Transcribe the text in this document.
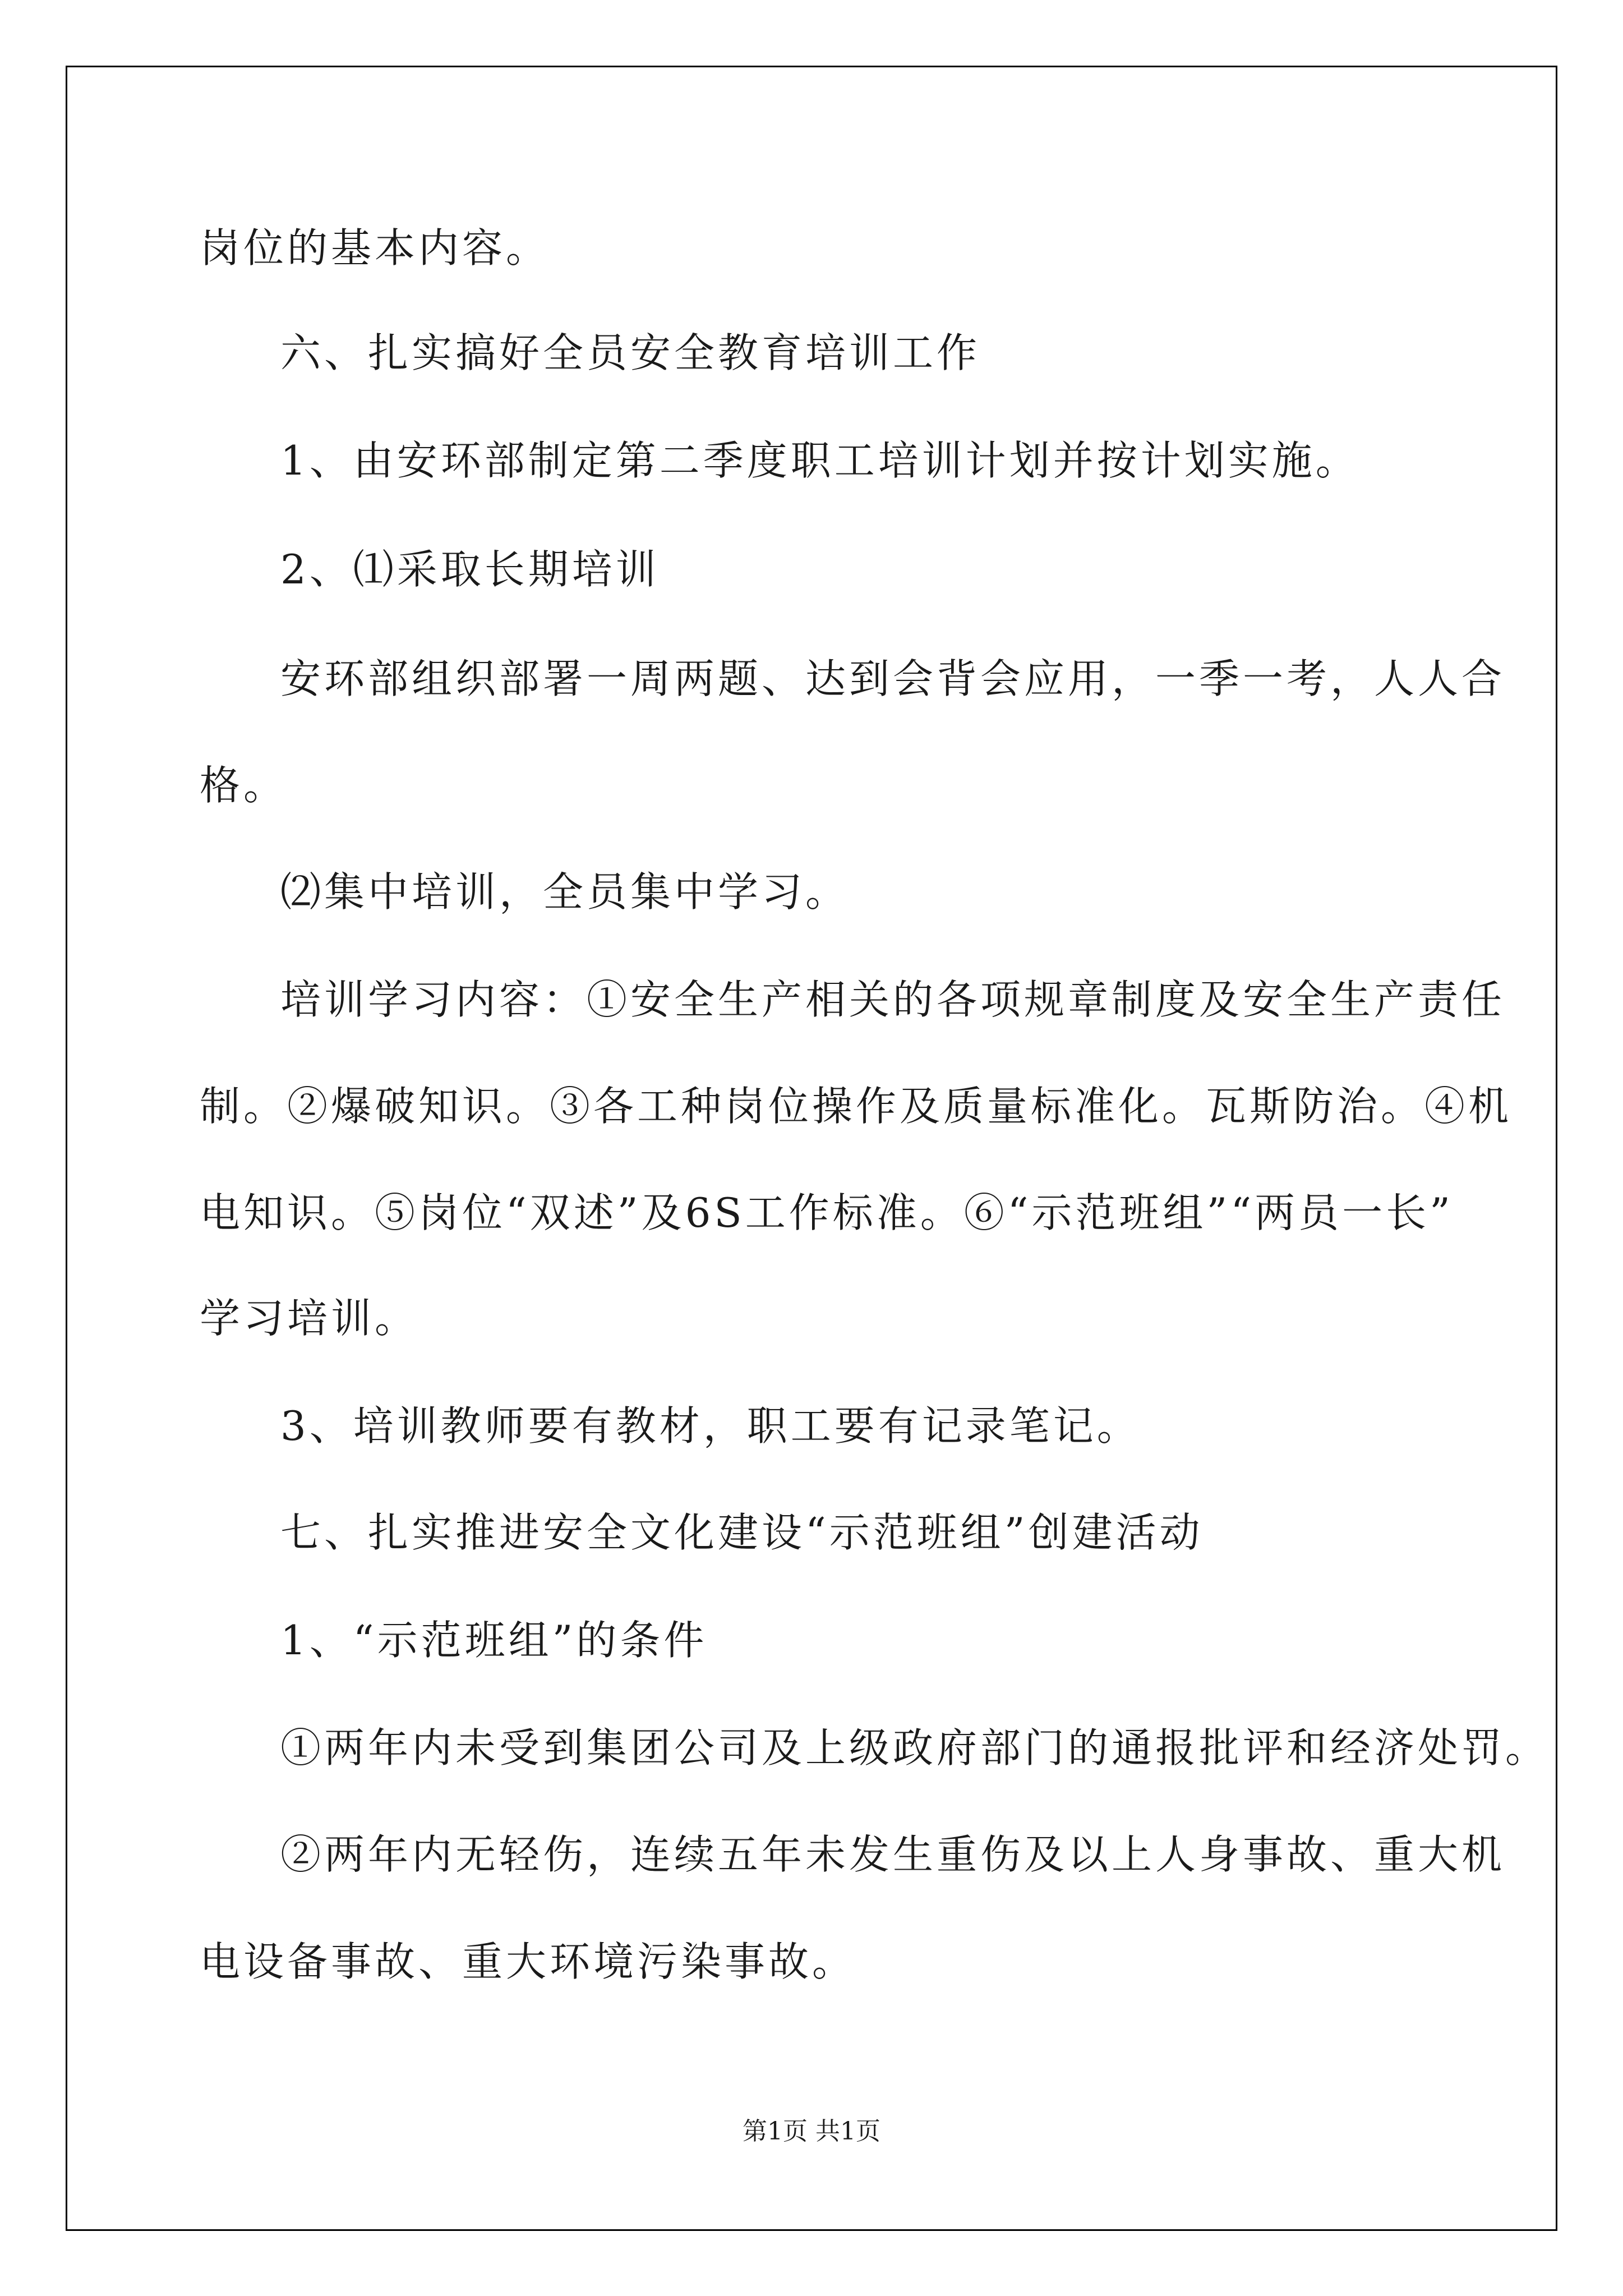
岗位的基本内容。
六、扎实搞好全员安全教育培训工作
1、由安环部制定第二季度职工培训计划并按计划实施。
2、⑴采取长期培训
安环部组织部署一周两题、达到会背会应用，一季一考，人人合
格。
⑵集中培训，全员集中学习。
培训学习内容：①安全生产相关的各项规章制度及安全生产责任
制。②爆破知识。③各工种岗位操作及质量标准化。瓦斯防治。④机
电知识。⑤岗位“双述”及6S工作标准。⑥“示范班组”“两员一长”
学习培训。
3、培训教师要有教材，职工要有记录笔记。
七、扎实推进安全文化建设“示范班组”创建活动
1、“示范班组”的条件
①两年内未受到集团公司及上级政府部门的通报批评和经济处罚。
②两年内无轻伤，连续五年未发生重伤及以上人身事故、重大机
电设备事故、重大环境污染事故。
第1页 共1页
